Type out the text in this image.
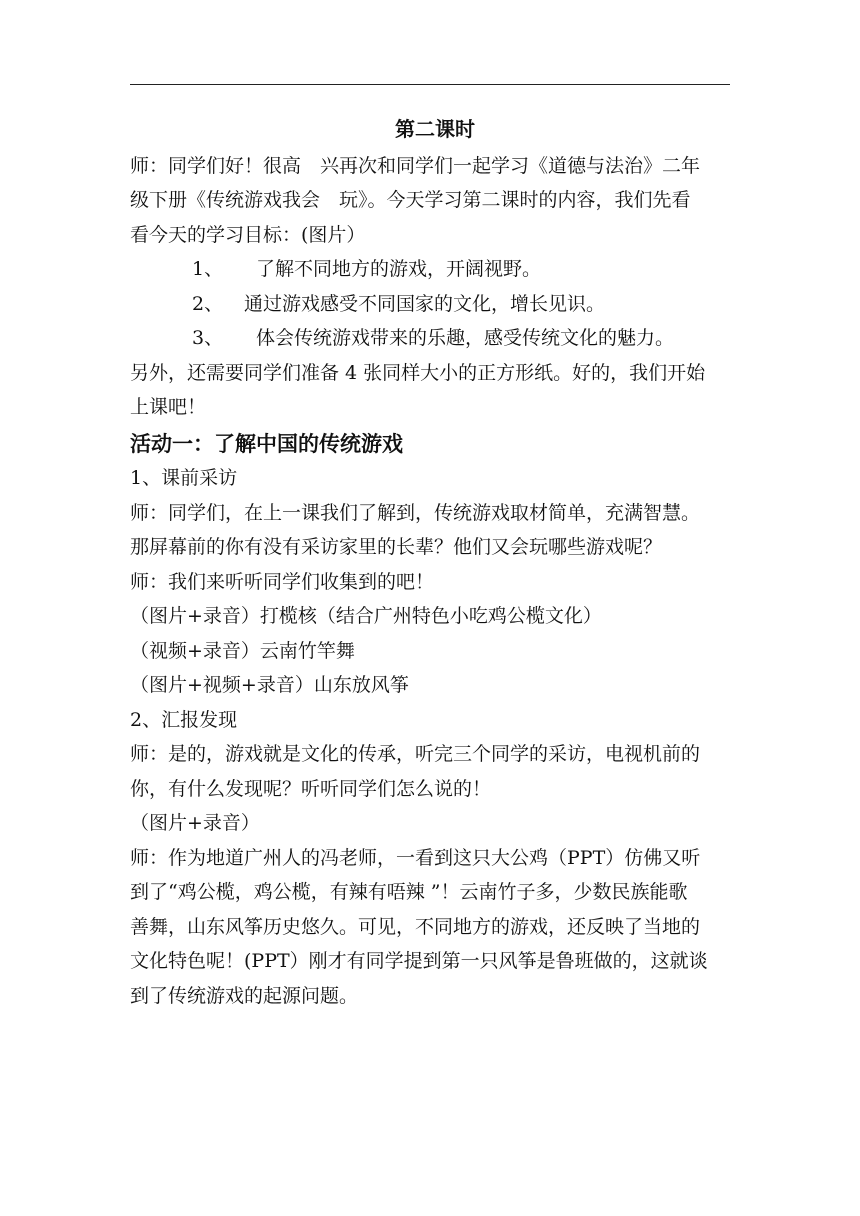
第二课时

师：同学们好！很高　兴再次和同学们一起学习《道德与法治》二年
级下册《传统游戏我会　玩》。今天学习第二课时的内容，我们先看
看今天的学习目标：(图片）

1、 了解不同地方的游戏，开阔视野。

2、 通过游戏感受不同国家的文化，增长见识。

3、 体会传统游戏带来的乐趣，感受传统文化的魅力。

另外，还需要同学们准备 4 张同样大小的正方形纸。好的，我们开始
上课吧！

活动一：了解中国的传统游戏

1、课前采访

师：同学们，在上一课我们了解到，传统游戏取材简单，充满智慧。
那屏幕前的你有没有采访家里的长辈？他们又会玩哪些游戏呢？

师：我们来听听同学们收集到的吧！

（图片+录音）打榄核（结合广州特色小吃鸡公榄文化）

（视频+录音）云南竹竿舞

（图片+视频+录音）山东放风筝

2、汇报发现

师：是的，游戏就是文化的传承，听完三个同学的采访，电视机前的
你，有什么发现呢？听听同学们怎么说的！

（图片+录音）

师：作为地道广州人的冯老师，一看到这只大公鸡（PPT）仿佛又听
到了“鸡公榄，鸡公榄，有辣有唔辣 ”！云南竹子多，少数民族能歌
善舞，山东风筝历史悠久。可见，不同地方的游戏，还反映了当地的
文化特色呢！(PPT）刚才有同学提到第一只风筝是鲁班做的，这就谈
到了传统游戏的起源问题。
